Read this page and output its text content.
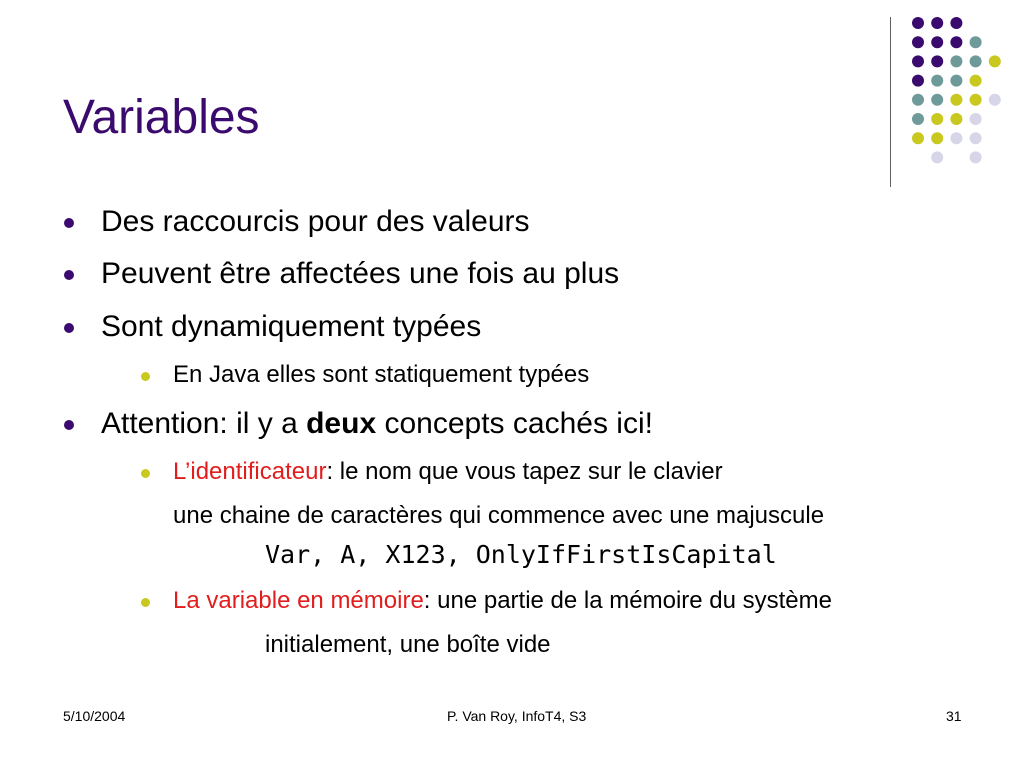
Variables
Des raccourcis pour des valeurs
Peuvent être affectées une fois au plus
Sont dynamiquement typées
En Java elles sont statiquement typées
Attention: il y a deux concepts cachés ici!
L’identificateur: le nom que vous tapez sur le clavier
une chaine de caractères qui commence avec une majuscule
Var, A, X123, OnlyIfFirstIsCapital
La variable en mémoire: une partie de la mémoire du système
initialement, une boîte vide
5/10/2004	P. Van Roy, InfoT4, S3	31
